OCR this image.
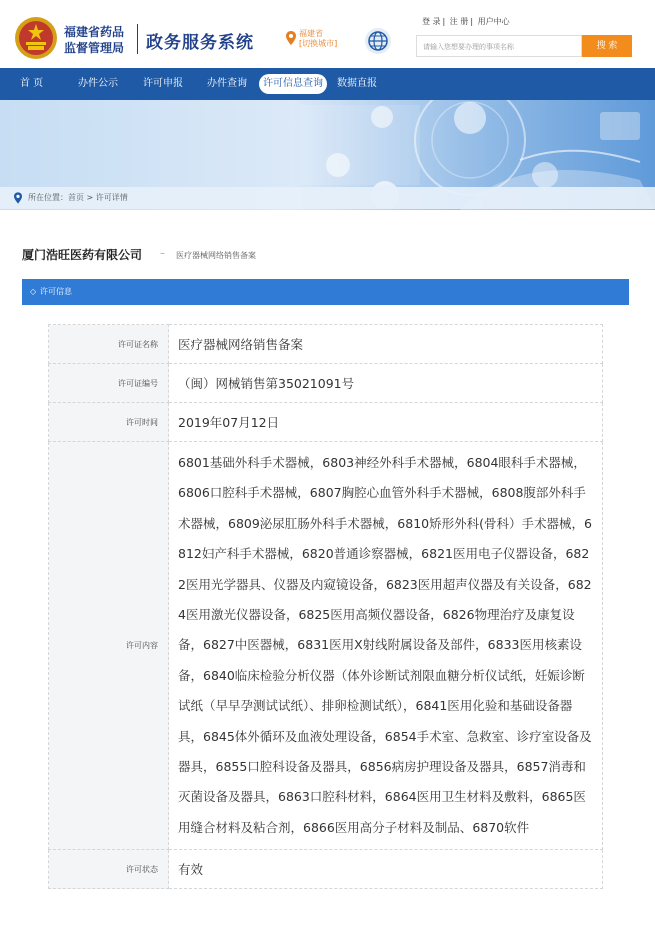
福建省药品
监督管理局 政务服务系统	福建省
[切换城市]
登 录 | 注 册 | 用户中心
请输入您想要办理的事项名称	搜 索
首 页	办件公示	许可申报 办件查询	许可信息查询	数据直报
所在位置：首页 > 许可详情
厦门浩旺医药有限公司 – 医疗器械网络销售备案
◇ 许可信息
许可证名称	医疗器械网络销售备案
许可证编号	（闽）网械销售第35021091号
许可时间	2019年07月12日
许可内容	6801基础外科手术器械，6803神经外科手术器械，6804眼科手术器械，6806口腔科手术器械，6807胸腔心血管外科手术器械，6808腹部外科手术器械，6809泌尿肛肠外科手术器械，6810矫形外科(骨科）手术器械，6812妇产科手术器械，6820普通诊察器械，6821医用电子仪器设备，6822医用光学器具、仪器及内窥镜设备，6823医用超声仪器及有关设备，6824医用激光仪器设备，6825医用高频仪器设备，6826物理治疗及康复设备，6827中医器械，6831医用X射线附属设备及部件，6833医用核素设备，6840临床检验分析仪器（体外诊断试剂限血糖分析仪试纸，妊娠诊断试纸（早早孕测试试纸）、排卵检测试纸），6841医用化验和基础设备器具，6845体外循环及血液处理设备，6854手术室、急救室、诊疗室设备及器具，6855口腔科设备及器具，6856病房护理设备及器具，6857消毒和灭菌设备及器具，6863口腔科材料，6864医用卫生材料及敷料，6865医用缝合材料及粘合剂，6866医用高分子材料及制品、6870软件
许可状态	有效
